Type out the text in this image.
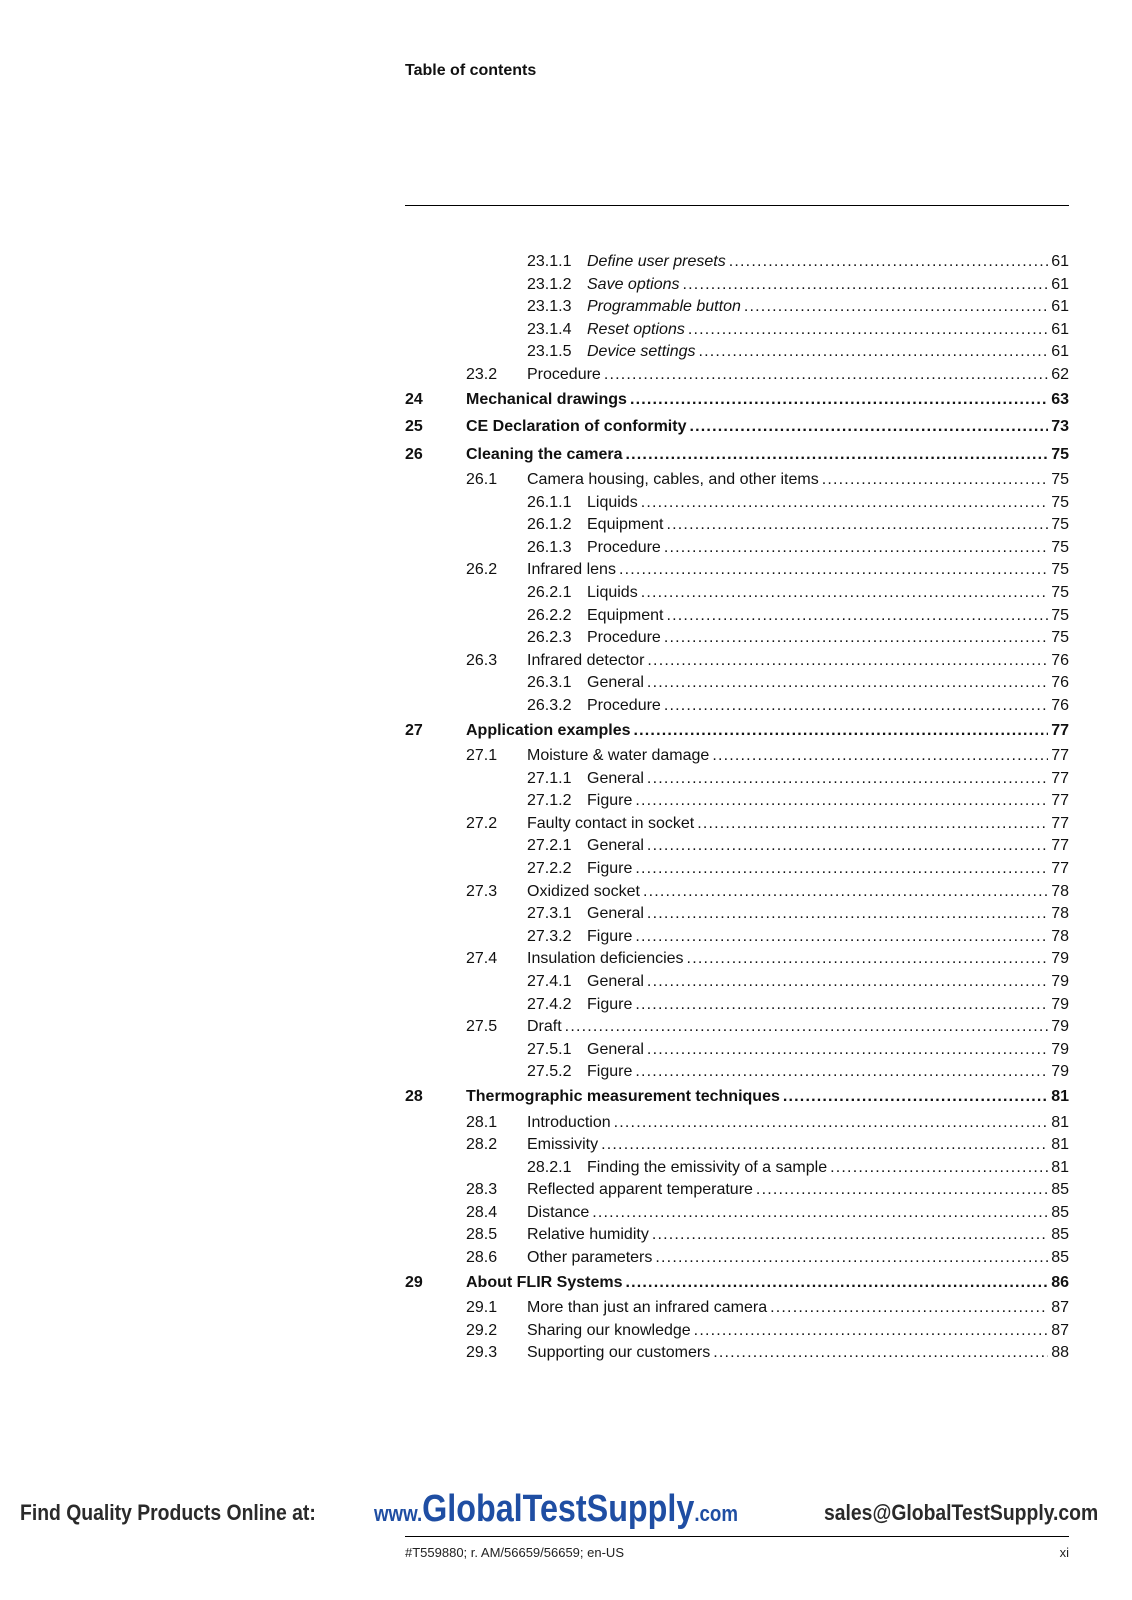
Table of contents
23.1.1 Define user presets .....	61
23.1.2 Save options .....	61
23.1.3 Programmable button .....	61
23.1.4 Reset options .....	61
23.1.5 Device settings .....	61
23.2 Procedure .....	62
24	Mechanical drawings .....	63
25	CE Declaration of conformity .....	73
26	Cleaning the camera .....	75
26.1 Camera housing, cables, and other items .....	75
26.1.1 Liquids .....	75
26.1.2 Equipment .....	75
26.1.3 Procedure .....	75
26.2 Infrared lens .....	75
26.2.1 Liquids .....	75
26.2.2 Equipment .....	75
26.2.3 Procedure .....	75
26.3 Infrared detector .....	76
26.3.1 General .....	76
26.3.2 Procedure .....	76
27	Application examples .....	77
27.1 Moisture & water damage .....	77
27.1.1 General .....	77
27.1.2 Figure .....	77
27.2 Faulty contact in socket .....	77
27.2.1 General .....	77
27.2.2 Figure .....	77
27.3 Oxidized socket .....	78
27.3.1 General .....	78
27.3.2 Figure .....	78
27.4 Insulation deficiencies .....	79
27.4.1 General .....	79
27.4.2 Figure .....	79
27.5 Draft .....	79
27.5.1 General .....	79
27.5.2 Figure .....	79
28	Thermographic measurement techniques .....	81
28.1 Introduction .....	81
28.2 Emissivity .....	81
28.2.1 Finding the emissivity of a sample .....	81
28.3 Reflected apparent temperature .....	85
28.4 Distance .....	85
28.5 Relative humidity .....	85
28.6 Other parameters .....	85
29	About FLIR Systems .....	86
29.1 More than just an infrared camera .....	87
29.2 Sharing our knowledge .....	87
29.3 Supporting our customers .....	88
Find Quality Products Online at:	www.GlobalTestSupply.com	sales@GlobalTestSupply.com
#T559880; r. AM/56659/56659; en-US	xi
